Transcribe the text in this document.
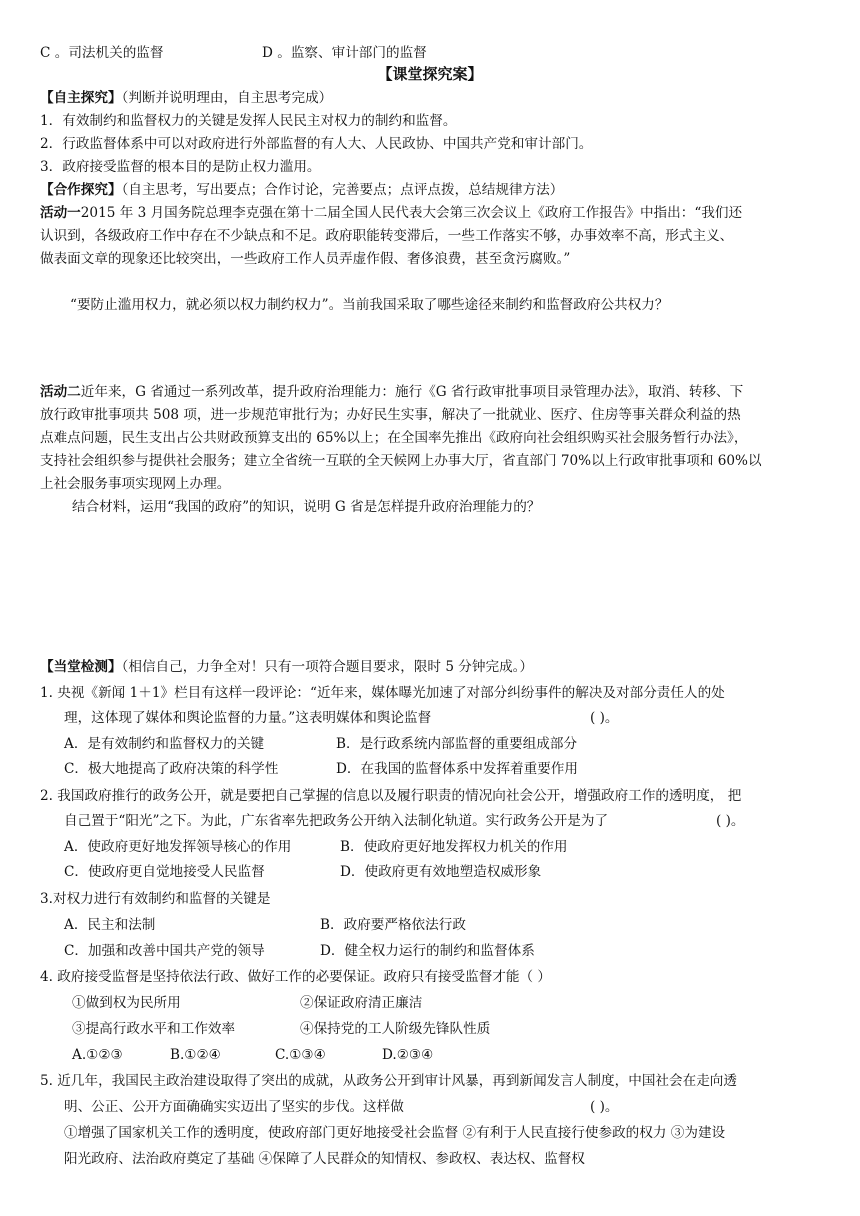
C 。司法机关的监督	D 。监察、审计部门的监督
【课堂探究案】
【自主探究】（判断并说明理由，自主思考完成）
1．有效制约和监督权力的关键是发挥人民民主对权力的制约和监督。
2．行政监督体系中可以对政府进行外部监督的有人大、人民政协、中国共产党和审计部门。
3．政府接受监督的根本目的是防止权力滥用。
【合作探究】（自主思考，写出要点；合作讨论，完善要点；点评点拨，总结规律方法）
活动一2015 年 3 月国务院总理李克强在第十二届全国人民代表大会第三次会议上《政府工作报告》中指出：“我们还
认识到，各级政府工作中存在不少缺点和不足。政府职能转变滞后，一些工作落实不够，办事效率不高，形式主义、
做表面文章的现象还比较突出，一些政府工作人员弄虚作假、奢侈浪费，甚至贪污腐败。”
“要防止滥用权力，就必须以权力制约权力”。当前我国采取了哪些途径来制约和监督政府公共权力？
活动二近年来，G 省通过一系列改革，提升政府治理能力：施行《G 省行政审批事项目录管理办法》，取消、转移、下
放行政审批事项共 508 项，进一步规范审批行为；办好民生实事，解决了一批就业、医疗、住房等事关群众利益的热
点难点问题，民生支出占公共财政预算支出的 65%以上；在全国率先推出《政府向社会组织购买社会服务暂行办法》，
支持社会组织参与提供社会服务；建立全省统一互联的全天候网上办事大厅，省直部门 70%以上行政审批事项和 60%以
上社会服务事项实现网上办理。
结合材料，运用“我国的政府”的知识，说明 G 省是怎样提升政府治理能力的？
【当堂检测】（相信自己，力争全对！只有一项符合题目要求，限时 5 分钟完成。）
1. 央视《新闻 1＋1》栏目有这样一段评论：“近年来，媒体曝光加速了对部分纠纷事件的解决及对部分责任人的处
理，这体现了媒体和舆论监督的力量。”这表明媒体和舆论监督	( )。
A．是有效制约和监督权力的关键	B．是行政系统内部监督的重要组成部分
C．极大地提高了政府决策的科学性	D．在我国的监督体系中发挥着重要作用
2. 我国政府推行的政务公开，就是要把自己掌握的信息以及履行职责的情况向社会公开，增强政府工作的透明度， 把
自己置于“阳光”之下。为此，广东省率先把政务公开纳入法制化轨道。实行政务公开是为了	( )。
A．使政府更好地发挥领导核心的作用	B．使政府更好地发挥权力机关的作用
C．使政府更自觉地接受人民监督	D．使政府更有效地塑造权威形象
3.对权力进行有效制约和监督的关键是
A．民主和法制	B．政府要严格依法行政
C．加强和改善中国共产党的领导	D．健全权力运行的制约和监督体系
4. 政府接受监督是坚持依法行政、做好工作的必要保证。政府只有接受监督才能（ ）
①做到权为民所用	②保证政府清正廉洁
③提高行政水平和工作效率	④保持党的工人阶级先锋队性质
A.①②③	B.①②④	C.①③④	D.②③④
5. 近几年，我国民主政治建设取得了突出的成就，从政务公开到审计风暴，再到新闻发言人制度，中国社会在走向透
明、公正、公开方面确确实实迈出了坚实的步伐。这样做	( )。
①增强了国家机关工作的透明度，使政府部门更好地接受社会监督 ②有利于人民直接行使参政的权力 ③为建设
阳光政府、法治政府奠定了基础 ④保障了人民群众的知情权、参政权、表达权、监督权
